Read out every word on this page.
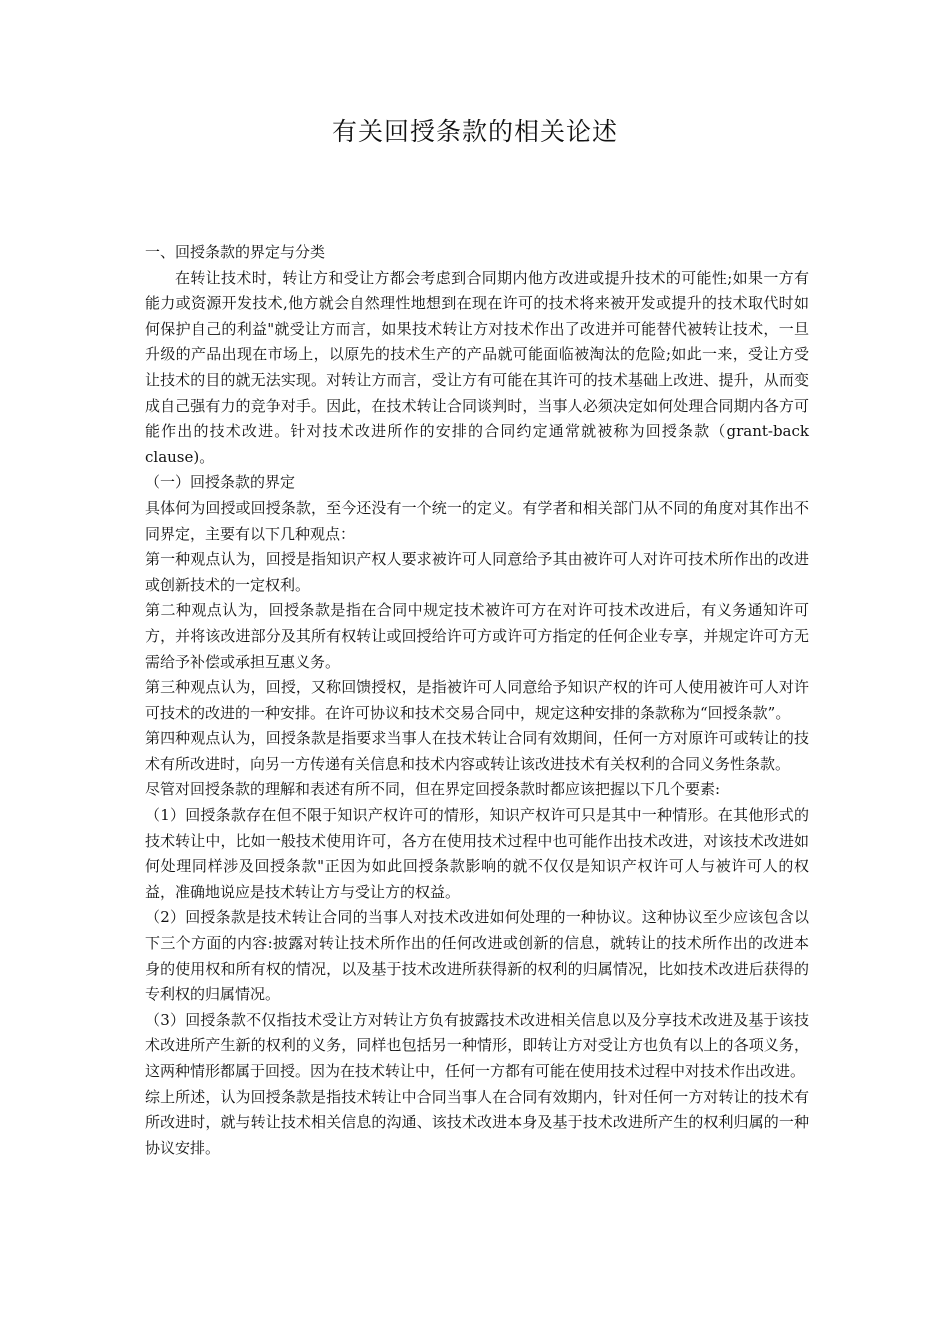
有关回授条款的相关论述

一、回授条款的界定与分类

在转让技术时，转让方和受让方都会考虑到合同期内他方改进或提升技术的可能性;如果一方有能力或资源开发技术,他方就会自然理性地想到在现在许可的技术将来被开发或提升的技术取代时如何保护自己的利益"就受让方而言，如果技术转让方对技术作出了改进并可能替代被转让技术，一旦升级的产品出现在市场上，以原先的技术生产的产品就可能面临被淘汰的危险;如此一来，受让方受让技术的目的就无法实现。对转让方而言，受让方有可能在其许可的技术基础上改进、提升，从而变成自己强有力的竞争对手。因此，在技术转让合同谈判时，当事人必须决定如何处理合同期内各方可能作出的技术改进。针对技术改进所作的安排的合同约定通常就被称为回授条款（grant-back clause)。

（一）回授条款的界定

具体何为回授或回授条款，至今还没有一个统一的定义。有学者和相关部门从不同的角度对其作出不同界定，主要有以下几种观点：

第一种观点认为，回授是指知识产权人要求被许可人同意给予其由被许可人对许可技术所作出的改进或创新技术的一定权利。

第二种观点认为，回授条款是指在合同中规定技术被许可方在对许可技术改进后，有义务通知许可方，并将该改进部分及其所有权转让或回授给许可方或许可方指定的任何企业专享，并规定许可方无需给予补偿或承担互惠义务。

第三种观点认为，回授，又称回馈授权，是指被许可人同意给予知识产权的许可人使用被许可人对许可技术的改进的一种安排。在许可协议和技术交易合同中，规定这种安排的条款称为“回授条款”。

第四种观点认为，回授条款是指要求当事人在技术转让合同有效期间，任何一方对原许可或转让的技术有所改进时，向另一方传递有关信息和技术内容或转让该改进技术有关权利的合同义务性条款。

尽管对回授条款的理解和表述有所不同，但在界定回授条款时都应该把握以下几个要素:

（1）回授条款存在但不限于知识产权许可的情形，知识产权许可只是其中一种情形。在其他形式的技术转让中，比如一般技术使用许可，各方在使用技术过程中也可能作出技术改进，对该技术改进如何处理同样涉及回授条款"正因为如此回授条款影响的就不仅仅是知识产权许可人与被许可人的权益，准确地说应是技术转让方与受让方的权益。

（2）回授条款是技术转让合同的当事人对技术改进如何处理的一种协议。这种协议至少应该包含以下三个方面的内容:披露对转让技术所作出的任何改进或创新的信息，就转让的技术所作出的改进本身的使用权和所有权的情况，以及基于技术改进所获得新的权利的归属情况，比如技术改进后获得的专利权的归属情况。

（3）回授条款不仅指技术受让方对转让方负有披露技术改进相关信息以及分享技术改进及基于该技术改进所产生新的权利的义务，同样也包括另一种情形，即转让方对受让方也负有以上的各项义务，这两种情形都属于回授。因为在技术转让中，任何一方都有可能在使用技术过程中对技术作出改进。

综上所述，认为回授条款是指技术转让中合同当事人在合同有效期内，针对任何一方对转让的技术有所改进时，就与转让技术相关信息的沟通、该技术改进本身及基于技术改进所产生的权利归属的一种协议安排。
